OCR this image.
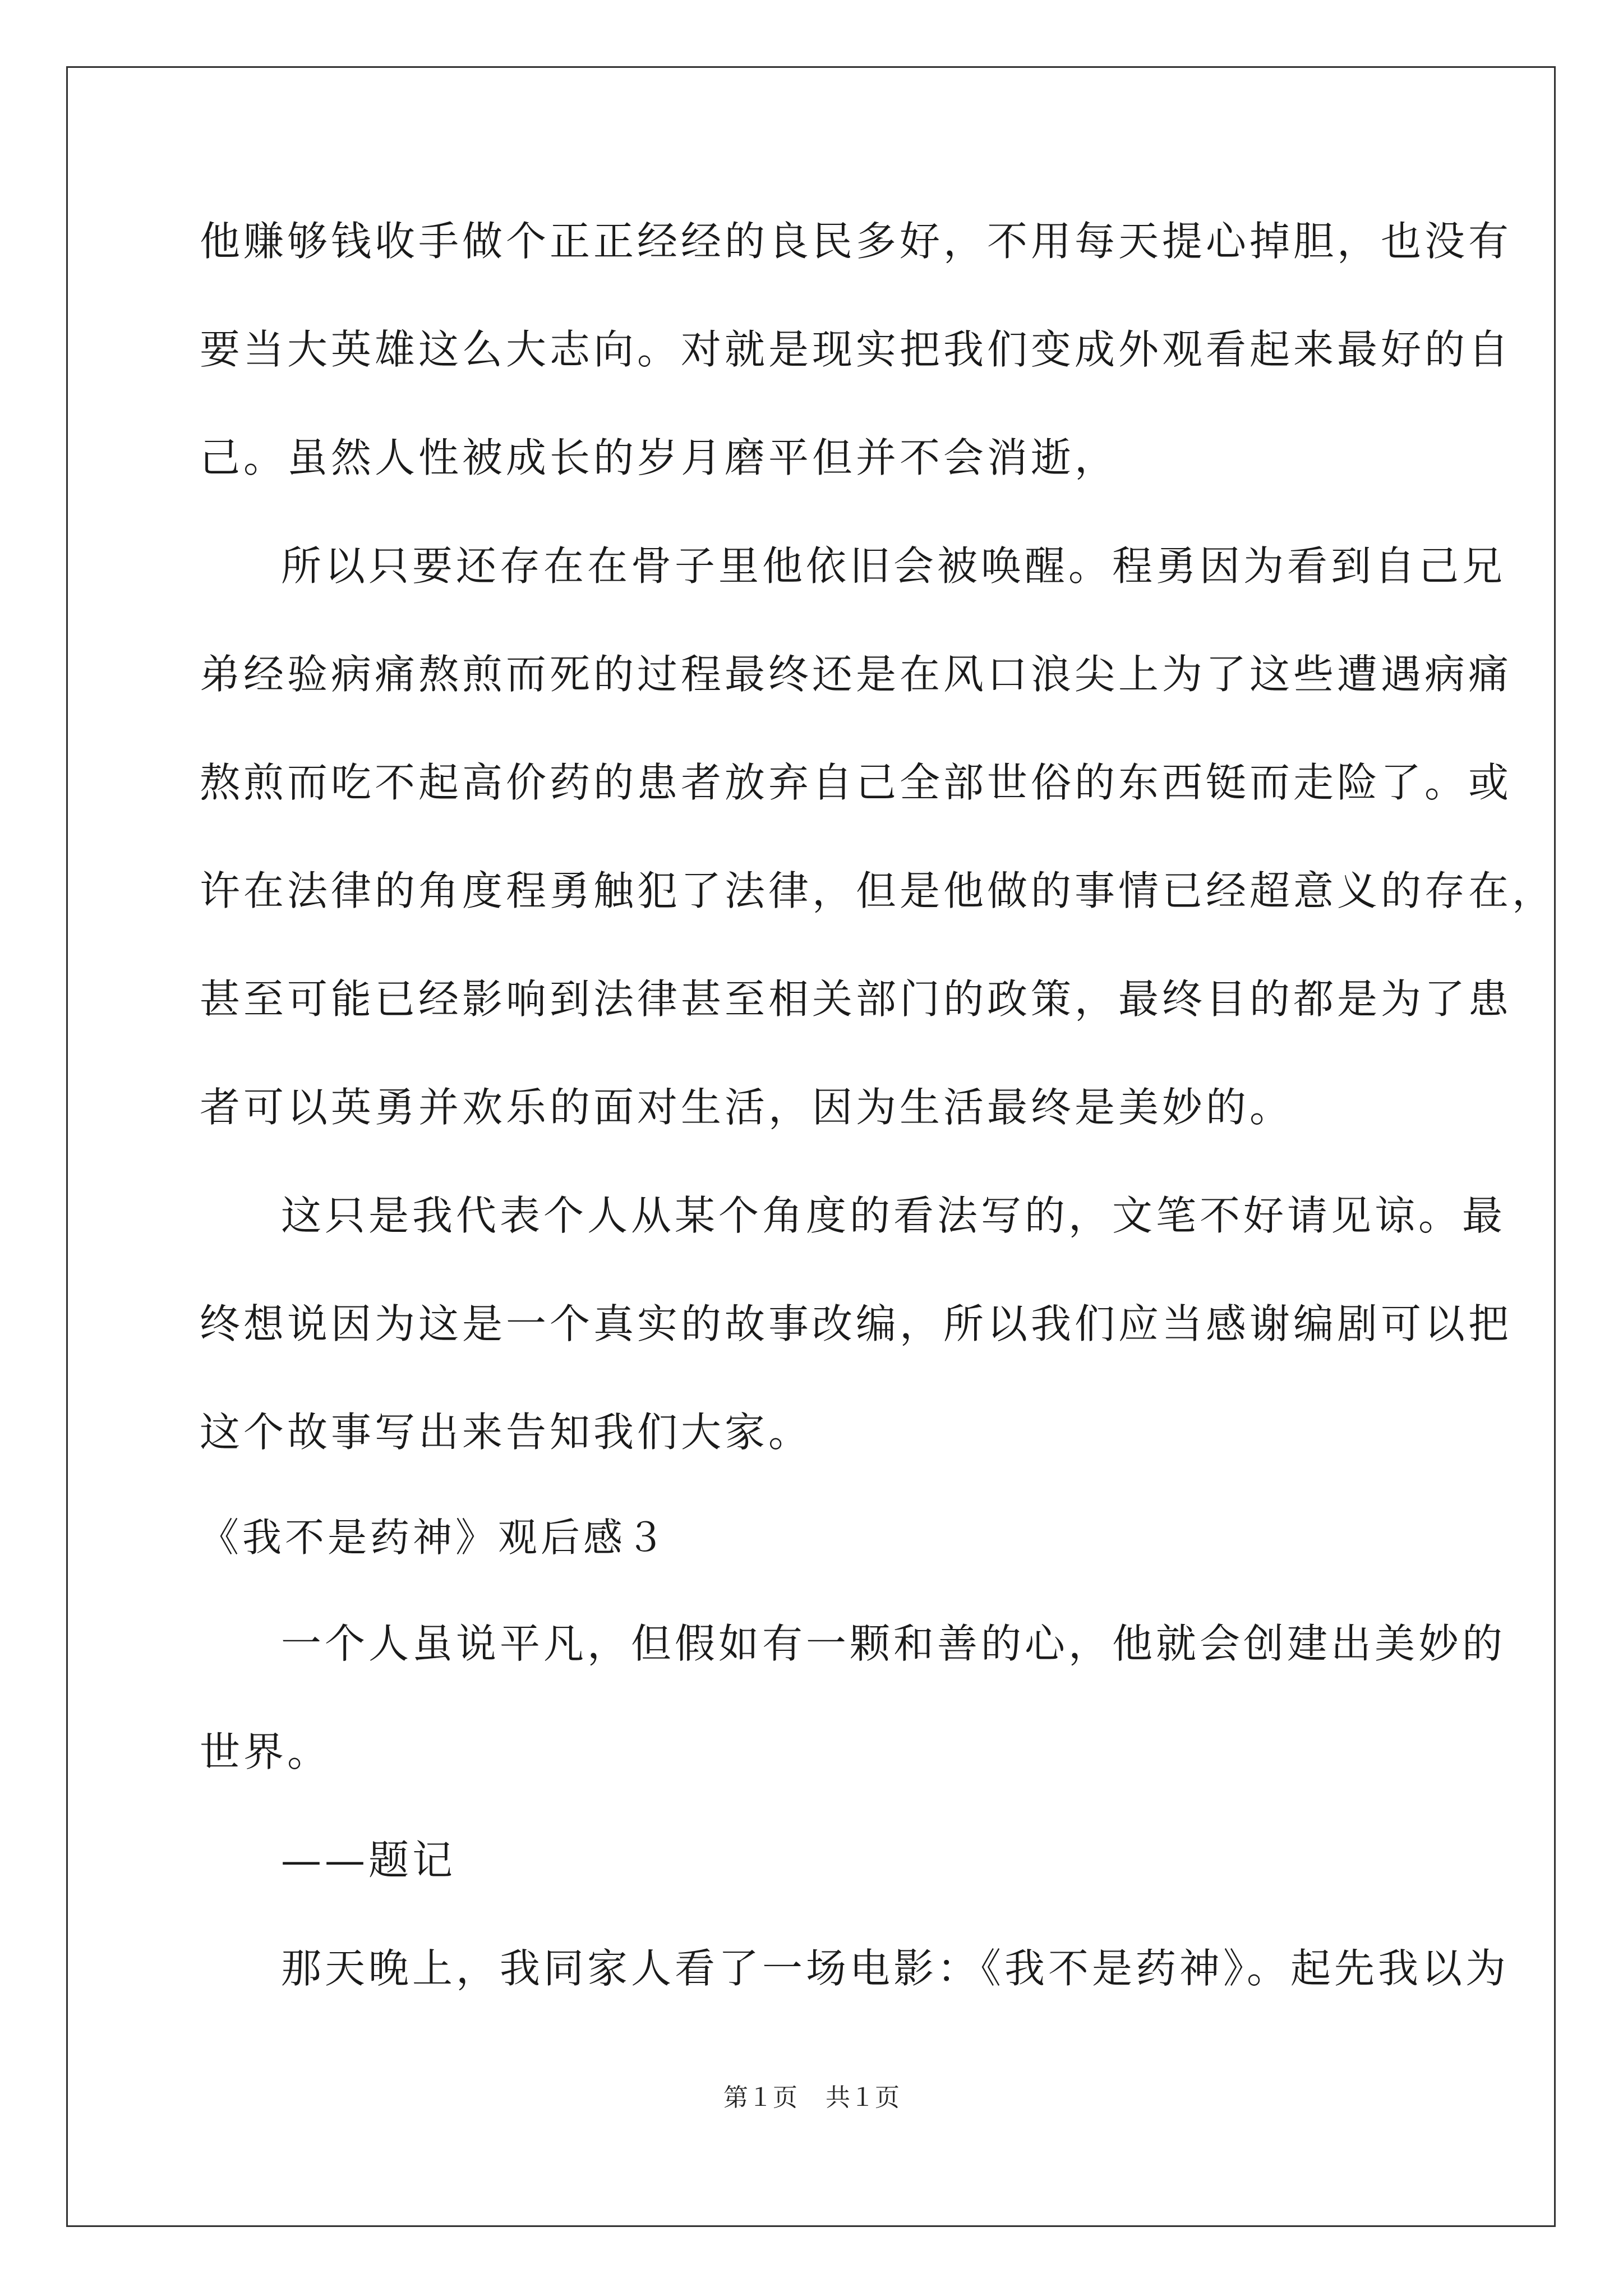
他赚够钱收手做个正正经经的良民多好，不用每天提心掉胆，也没有
要当大英雄这么大志向。对就是现实把我们变成外观看起来最好的自
己。虽然人性被成长的岁月磨平但并不会消逝，
所以只要还存在在骨子里他依旧会被唤醒。程勇因为看到自己兄
弟经验病痛熬煎而死的过程最终还是在风口浪尖上为了这些遭遇病痛
熬煎而吃不起高价药的患者放弃自己全部世俗的东西铤而走险了。或
许在法律的角度程勇触犯了法律，但是他做的事情已经超意义的存在，
甚至可能已经影响到法律甚至相关部门的政策，最终目的都是为了患
者可以英勇并欢乐的面对生活，因为生活最终是美妙的。
这只是我代表个人从某个角度的看法写的，文笔不好请见谅。最
终想说因为这是一个真实的故事改编，所以我们应当感谢编剧可以把
这个故事写出来告知我们大家。
《我不是药神》观后感３
一个人虽说平凡，但假如有一颗和善的心，他就会创建出美妙的
世界。
——题记
那天晚上，我同家人看了一场电影：《我不是药神》。起先我以为
第１页 共１页
